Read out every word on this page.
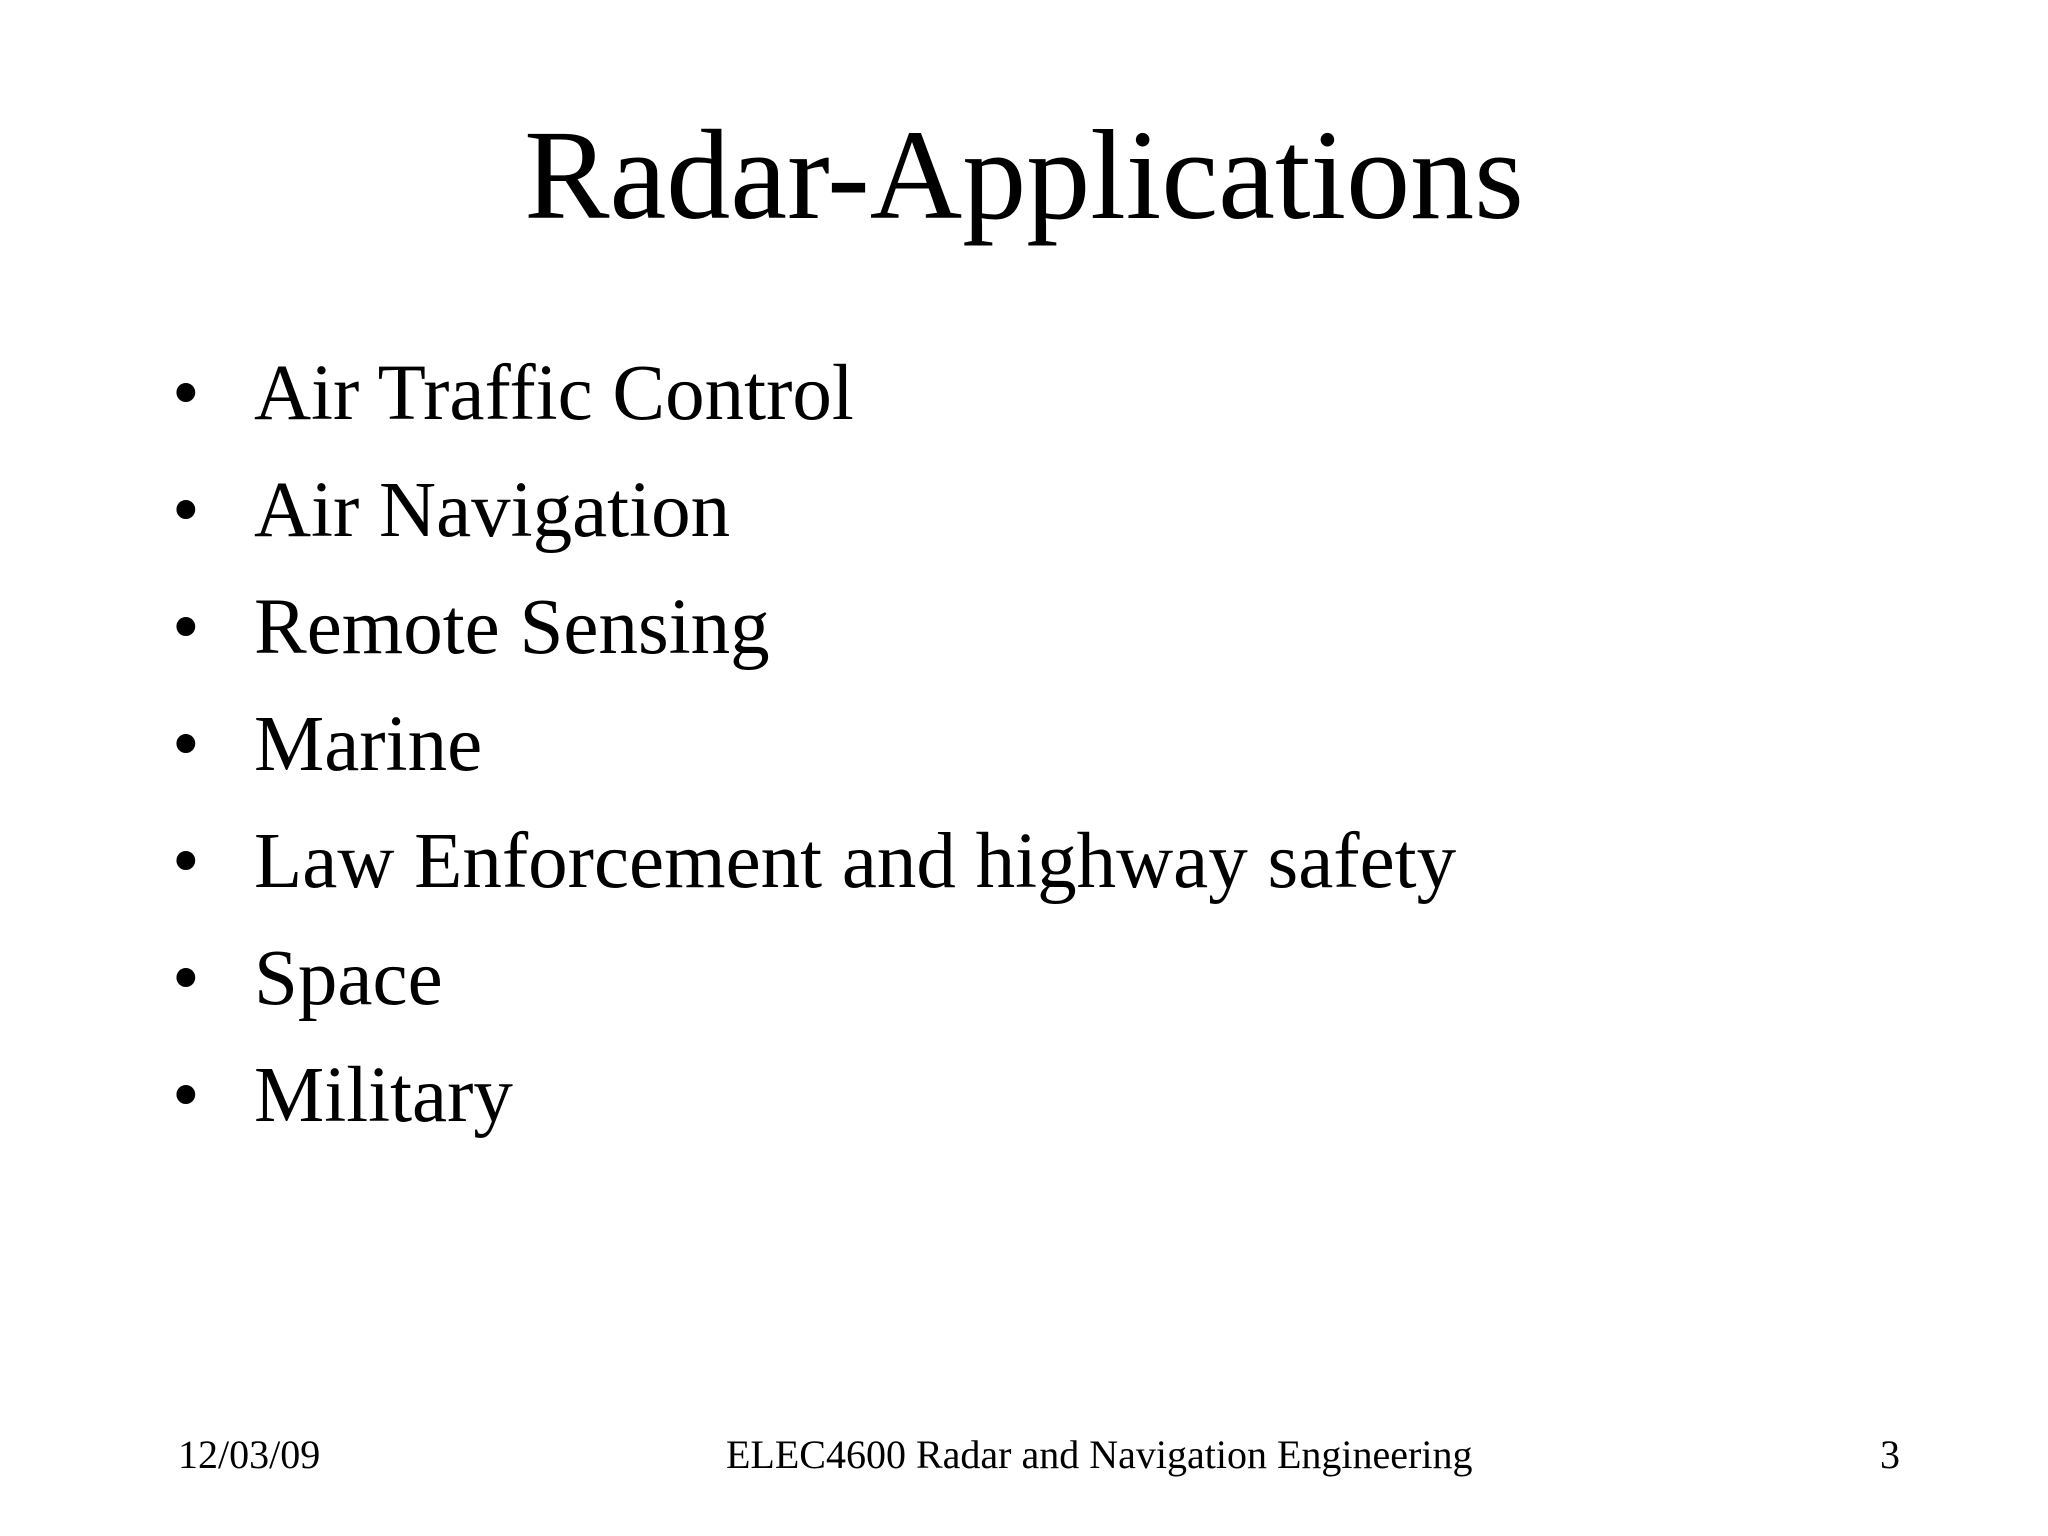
Radar-Applications
• Air Traffic Control
• Air Navigation
• Remote Sensing
• Marine
• Law Enforcement and highway safety
• Space
• Military
12/03/09	ELEC4600 Radar and Navigation Engineering	3
